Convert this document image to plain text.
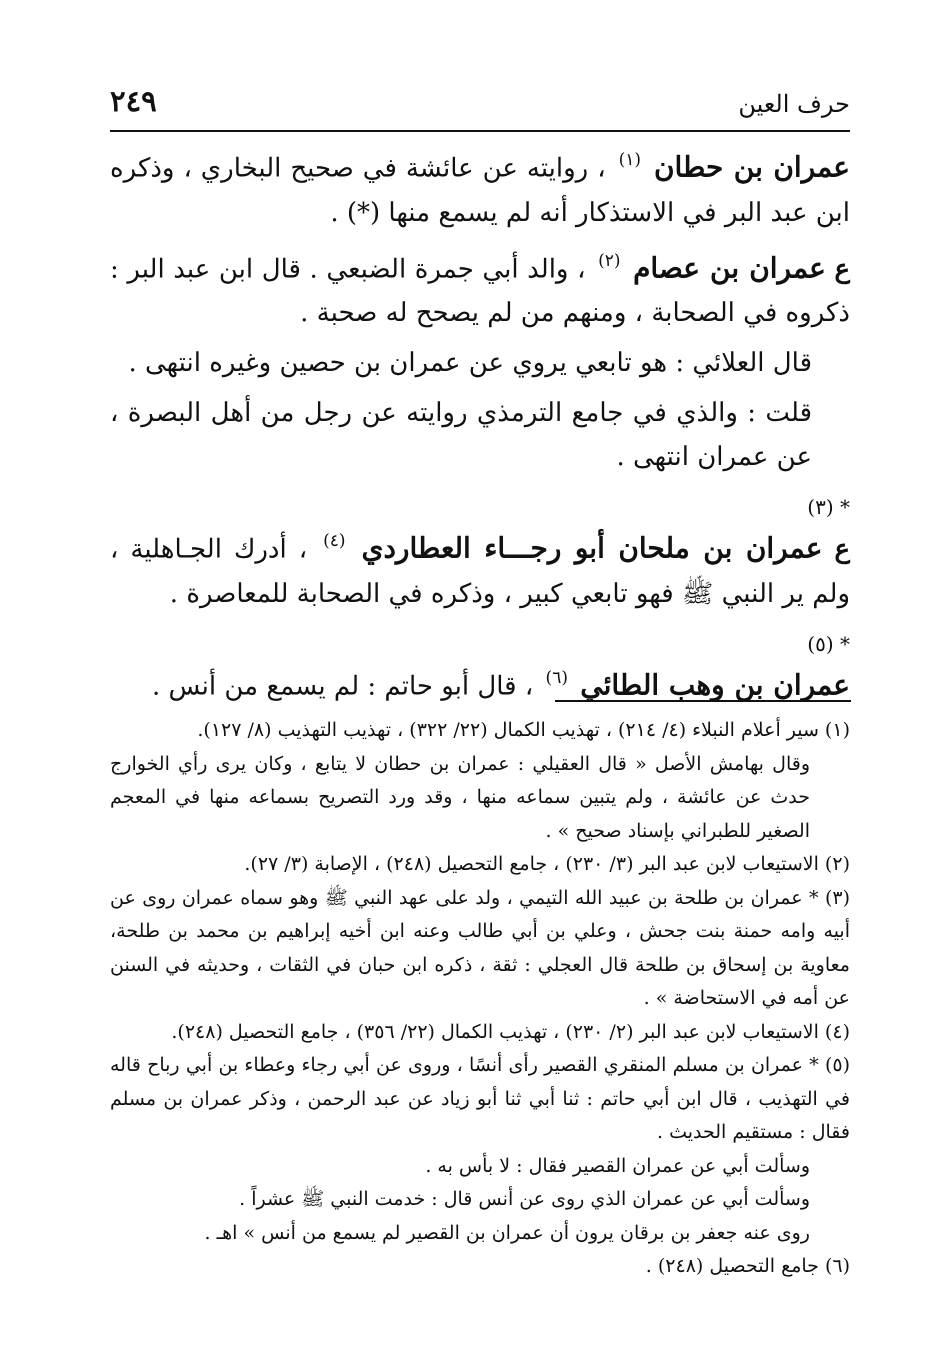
حرف العين
٢٤٩

عمران بن حطان $^{(١)}$ ، روايته عن عائشة في صحيح البخاري ، وذكره ابن عبد البر في الاستذكار أنه لم يسمع منها (*) .

ع عمران بن عصام $^{(٢)}$ ، والد أبي جمرة الضبعي . قال ابن عبد البر : ذكروه في الصحابة ، ومنهم من لم يصحح له صحبة .

قال العلائي : هو تابعي يروي عن عمران بن حصين وغيره انتهى .

قلت : والذي في جامع الترمذي روايته عن رجل من أهل البصرة ، عن عمران انتهى .

* (٣)

ع عمران بن ملحان أبو رجـــاء العطاردي $^{(٤)}$ ، أدرك الجـاهلية ، ولم ير النبي ﷺ فهو تابعي كبير ، وذكره في الصحابة للمعاصرة .

* (٥)

عمران بن وهب الطائي $^{(٦)}$ ، قال أبو حاتم : لم يسمع من أنس .

(١) سير أعلام النبلاء (٤/ ٢١٤) ، تهذيب الكمال (٢٢/ ٣٢٢) ، تهذيب التهذيب (٨/ ١٢٧).

وقال بهامش الأصل « قال العقيلي : عمران بن حطان لا يتابع ، وكان يرى رأي الخوارج حدث عن عائشة ، ولم يتبين سماعه منها ، وقد ورد التصريح بسماعه منها في المعجم الصغير للطبراني بإسناد صحيح » .

(٢) الاستيعاب لابن عبد البر (٣/ ٢٣٠) ، جامع التحصيل (٢٤٨) ، الإصابة (٣/ ٢٧).

(٣) * عمران بن طلحة بن عبيد الله التيمي ، ولد على عهد النبي ﷺ وهو سماه عمران روى عن أبيه وامه حمنة بنت جحش ، وعلي بن أبي طالب وعنه ابن أخيه إبراهيم بن محمد بن طلحة، معاوية بن إسحاق بن طلحة قال العجلي : ثقة ، ذكره ابن حبان في الثقات ، وحديثه في السنن عن أمه في الاستحاضة » .

(٤) الاستيعاب لابن عبد البر (٢/ ٢٣٠) ، تهذيب الكمال (٢٢/ ٣٥٦) ، جامع التحصيل (٢٤٨).

(٥) * عمران بن مسلم المنقري القصير رأى أنسًا ، وروى عن أبي رجاء وعطاء بن أبي رباح قاله في التهذيب ، قال ابن أبي حاتم : ثنا أبي ثنا أبو زياد عن عبد الرحمن ، وذكر عمران بن مسلم فقال : مستقيم الحديث .

وسألت أبي عن عمران القصير فقال : لا بأس به .

وسألت أبي عن عمران الذي روى عن أنس قال : خدمت النبي ﷺ عشراً .

روى عنه جعفر بن برقان يرون أن عمران بن القصير لم يسمع من أنس » اهـ .

(٦) جامع التحصيل (٢٤٨) .
